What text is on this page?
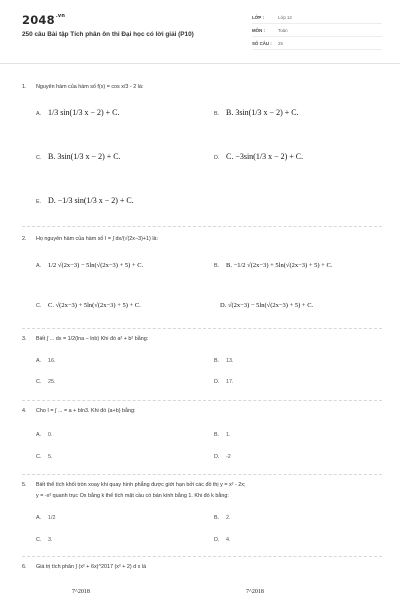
$2048^{.vn}$
250 câu Bài tập Tích phân ôn thi Đại học có lời giải (P10)
LỚP :	Lớp 12
MÔN :	Toán
SỐ CÂU :	25
1. Nguyên hàm của hàm số f(x) = cos x/3 - 2 là:
A. 1/3 sin(1/3 x − 2) + C.	B. B. 3sin(1/3 x − 2) + C.
C. B. 3sin(1/3 x − 2) + C.	D. C. −3sin(1/3 x − 2) + C.
E. D. −1/3 sin(1/3 x − 2) + C.
2. Họ nguyên hàm của hàm số I = ∫ dx/(√(2x−3)+1) là:
A. 1/2 √(2x−3) − 5ln(√(2x−3) + 5) + C.	B. B. −1/2 √(2x−3) + 5ln(√(2x−3) + 5) + C.
C. C. √(2x−3) + 5ln(√(2x−3) + 5) + C.	D. √(2x−3) − 5ln(√(2x−3) + 5) + C.
3. Biết ∫ ... dx = 1/2(lna − lnb) Khi đó a² + b² bằng:
A. 16.	B. 13.
C. 25.	D. 17.
4. Cho I = ∫ ... = a + bln3. Khi đó (a+b) bằng:
A. 0.	B. 1.
C. 5.	D. -2
5. Biết thể tích khối tròn xoay khi quay hình phẳng được giới hạn bởi các đồ thị y = x² - 2x;
y = -x² quanh trục Ox bằng k thể tích mặt cầu có bán kính bằng 1. Khi đó k bằng:
A. 1/2	B. 2.
C. 3.	D. 4.
6. Giá trị tích phân ∫ (x² + 6x)^2017 (x² + 2) d x là
7^2018	7^2018
